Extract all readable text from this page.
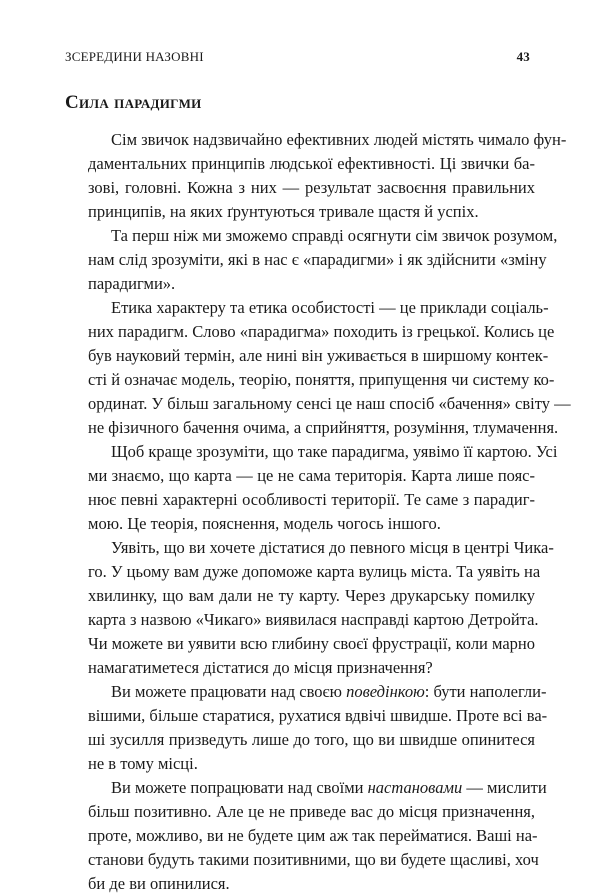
ЗСЕРЕДИНИ НАЗОВНІ	43
Сила парадигми

Сім звичок надзвичайно ефективних людей містять чимало фун-
даментальних принципів людської ефективності. Ці звички ба-
зові, головні. Кожна з них — результат засвоєння правильних
принципів, на яких ґрунтуються тривале щастя й успіх.

Та перш ніж ми зможемо справді осягнути сім звичок розумом,
нам слід зрозуміти, які в нас є «парадигми» і як здійснити «зміну
парадигми».

Етика характеру та етика особистості — це приклади соціаль-
них парадигм. Слово «парадигма» походить із грецької. Колись це
був науковий термін, але нині він уживається в ширшому контек-
сті й означає модель, теорію, поняття, припущення чи систему ко-
ординат. У більш загальному сенсі це наш спосіб «бачення» світу —
не фізичного бачення очима, а сприйняття, розуміння, тлумачення.

Щоб краще зрозуміти, що таке парадигма, уявімо її картою. Усі
ми знаємо, що карта — це не сама територія. Карта лише пояс-
нює певні характерні особливості території. Те саме з парадиг-
мою. Це теорія, пояснення, модель чогось іншого.

Уявіть, що ви хочете дістатися до певного місця в центрі Чика-
го. У цьому вам дуже допоможе карта вулиць міста. Та уявіть на
хвилинку, що вам дали не ту карту. Через друкарську помилку
карта з назвою «Чикаго» виявилася насправді картою Детройта.
Чи можете ви уявити всю глибину своєї фрустрації, коли марно
намагатиметеся дістатися до місця призначення?

Ви можете працювати над своєю поведінкою: бути наполегли-
вішими, більше старатися, рухатися вдвічі швидше. Проте всі ва-
ші зусилля призведуть лише до того, що ви швидше опинитеся
не в тому місці.

Ви можете попрацювати над своїми настановами — мислити
більш позитивно. Але це не приведе вас до місця призначення,
проте, можливо, ви не будете цим аж так перейматися. Ваші на-
станови будуть такими позитивними, що ви будете щасливі, хоч
би де ви опинилися.
